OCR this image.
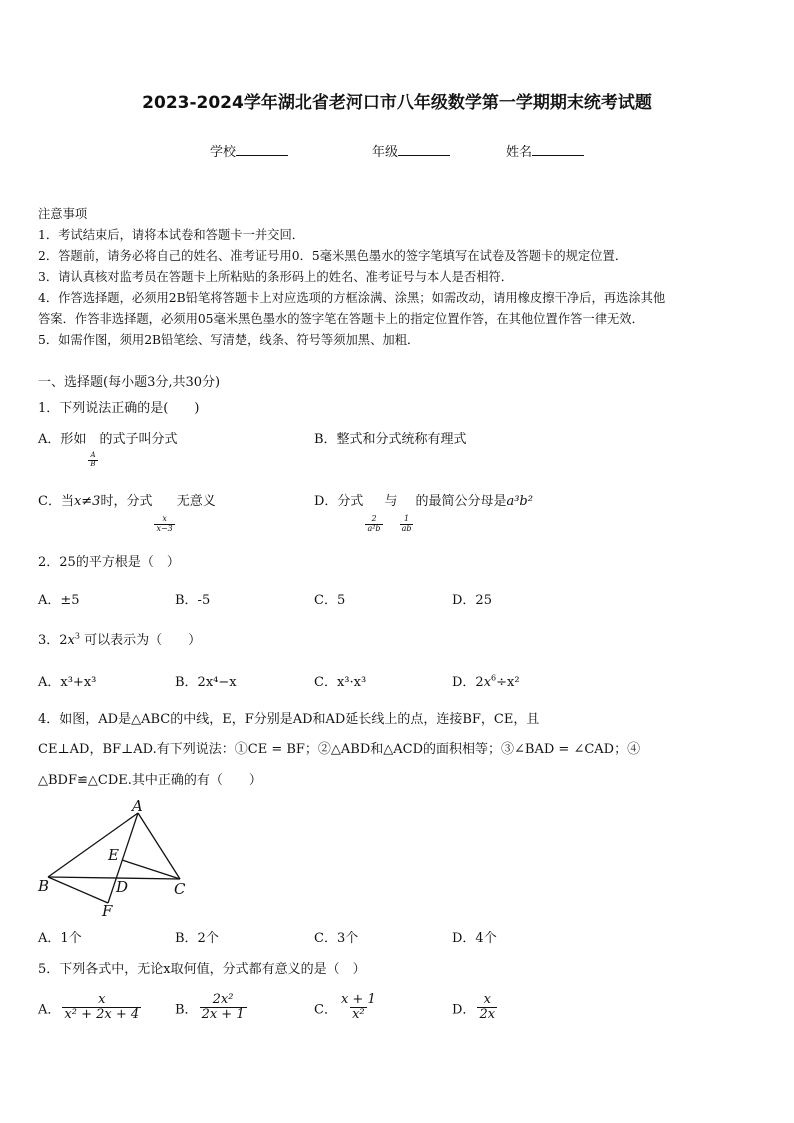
2023-2024学年湖北省老河口市八年级数学第一学期期末统考试题
学校	年级	姓名
注意事项
1．考试结束后，请将本试卷和答题卡一并交回．
2．答题前，请务必将自己的姓名、准考证号用0．5毫米黑色墨水的签字笔填写在试卷及答题卡的规定位置．
3．请认真核对监考员在答题卡上所粘贴的条形码上的姓名、准考证号与本人是否相符．
4．作答选择题，必须用2B铅笔将答题卡上对应选项的方框涂满、涂黑；如需改动，请用橡皮擦干净后，再选涂其他
答案．作答非选择题，必须用05毫米黑色墨水的签字笔在答题卡上的指定位置作答，在其他位置作答一律无效．
5．如需作图，须用2B铅笔绘、写清楚，线条、符号等须加黑、加粗．
一、选择题(每小题3分,共30分)
1．下列说法正确的是(　　)
A．形如
$\frac{A}{B}$
的式子叫分式	B．整式和分式统称有理式
C．当x≠3时，分式
$\frac{x}{x-3}$
无意义	D．分式
$\frac{2}{\text{a²b}}$
与
$\frac{1}{ab}$
的最简公分母是a³b²
2．25的平方根是（　）
A．±5	B．-5	C．5	D．25
3．$2x^3$ 可以表示为（　　）
A．x³+x³	B．2x⁴−x	C．x³·x³	D．$2x^6\div x^2$
4．如图，AD是△ABC的中线，E，F分别是AD和AD延长线上的点，连接BF，CE，且
CE⊥AD，BF⊥AD.有下列说法：①CE = BF；②△ABD和△ACD的面积相等；③∠BAD = ∠CAD；④
△BDF≌△CDE.其中正确的有（　　）
A
B	C
D
E
F
A．1个	B．2个	C．3个	D．4个
5．下列各式中，无论x取何值，分式都有意义的是（　）
A． $\frac{x}{\text{x² + 2x + 4}}$	B． $\frac{\text{2x²}}{2x + 1}$	C． $\frac{x + 1}{\text{x²}}$	D． $\frac{x}{2x}$
